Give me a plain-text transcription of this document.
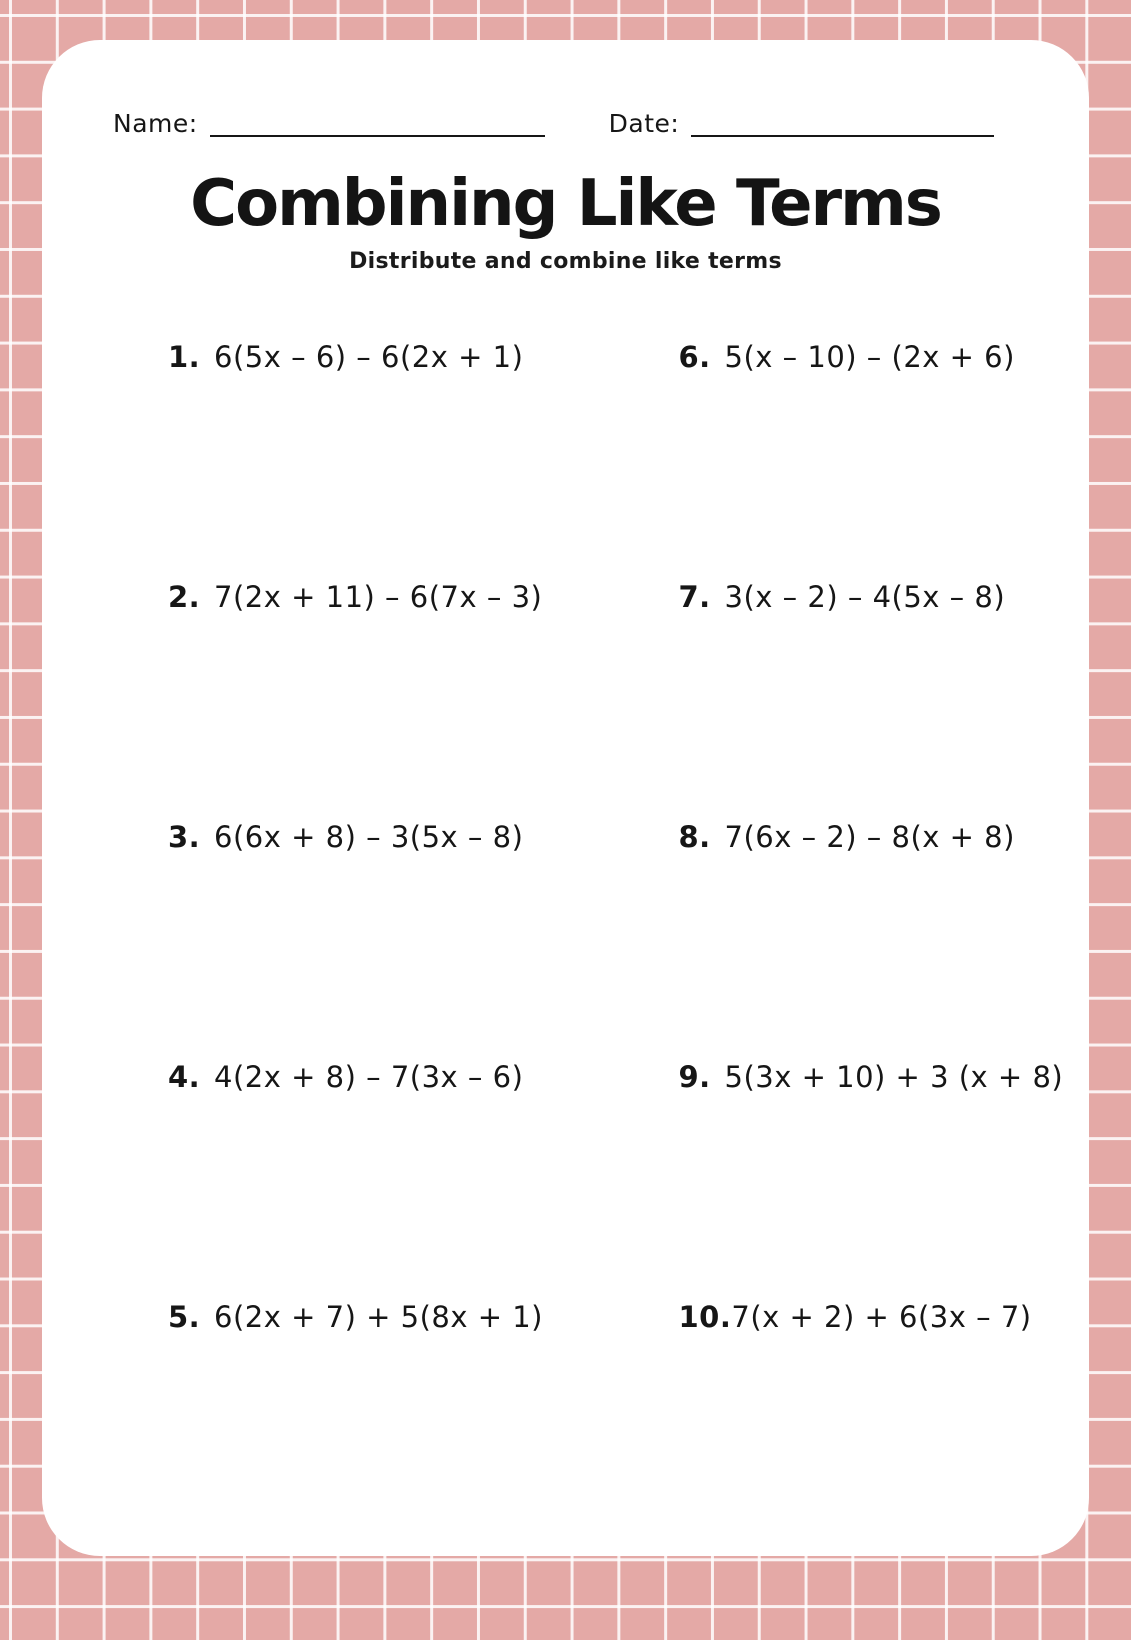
Name:	Date:
Combining Like Terms
Distribute and combine like terms
1. 6(5x – 6) – 6(2x + 1)
2. 7(2x + 11) – 6(7x – 3)
3. 6(6x + 8) – 3(5x – 8)
4. 4(2x + 8) – 7(3x – 6)
5. 6(2x + 7) + 5(8x + 1)
6. 5(x – 10) – (2x + 6)
7. 3(x – 2) – 4(5x – 8)
8. 7(6x – 2) – 8(x + 8)
9. 5(3x + 10) + 3 (x + 8)
10. 7(x + 2) + 6(3x – 7)
